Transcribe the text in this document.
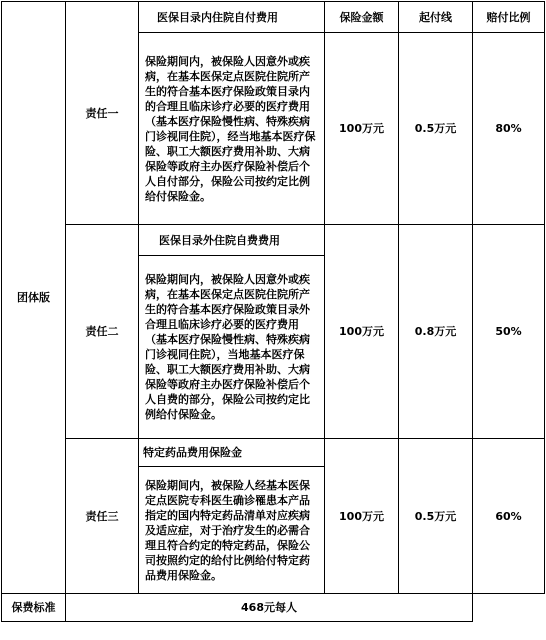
团体版	责任一	医保目录内住院自付费用	保险金额	起付线	赔付比例
		保险期间内，被保险人因意外或疾病，在基本医保定点医院住院所产生的符合基本医疗保险政策目录内的合理且临床诊疗必要的医疗费用（基本医疗保险慢性病、特殊疾病门诊视同住院），经当地基本医疗保险、职工大额医疗费用补助、大病保险等政府主办医疗保险补偿后个人自付部分，保险公司按约定比例给付保险金。	100万元	0.5万元	80%
	责任二	医保目录外住院自费费用	100万元	0.8万元	50%
		保险期间内，被保险人因意外或疾病，在基本医保定点医院住院所产生的符合基本医疗保险政策目录外合理且临床诊疗必要的医疗费用（基本医疗保险慢性病、特殊疾病门诊视同住院），当地基本医疗保险、职工大额医疗费用补助、大病保险等政府主办医疗保险补偿后个人自费的部分，保险公司按约定比例给付保险金。			
	责任三	特定药品费用保险金	100万元	0.5万元	60%
		保险期间内，被保险人经基本医保定点医院专科医生确诊罹患本产品指定的国内特定药品清单对应疾病及适应症，对于治疗发生的必需合理且符合约定的特定药品，保险公司按照约定的给付比例给付特定药品费用保险金。			
保费标准	468元每人				
